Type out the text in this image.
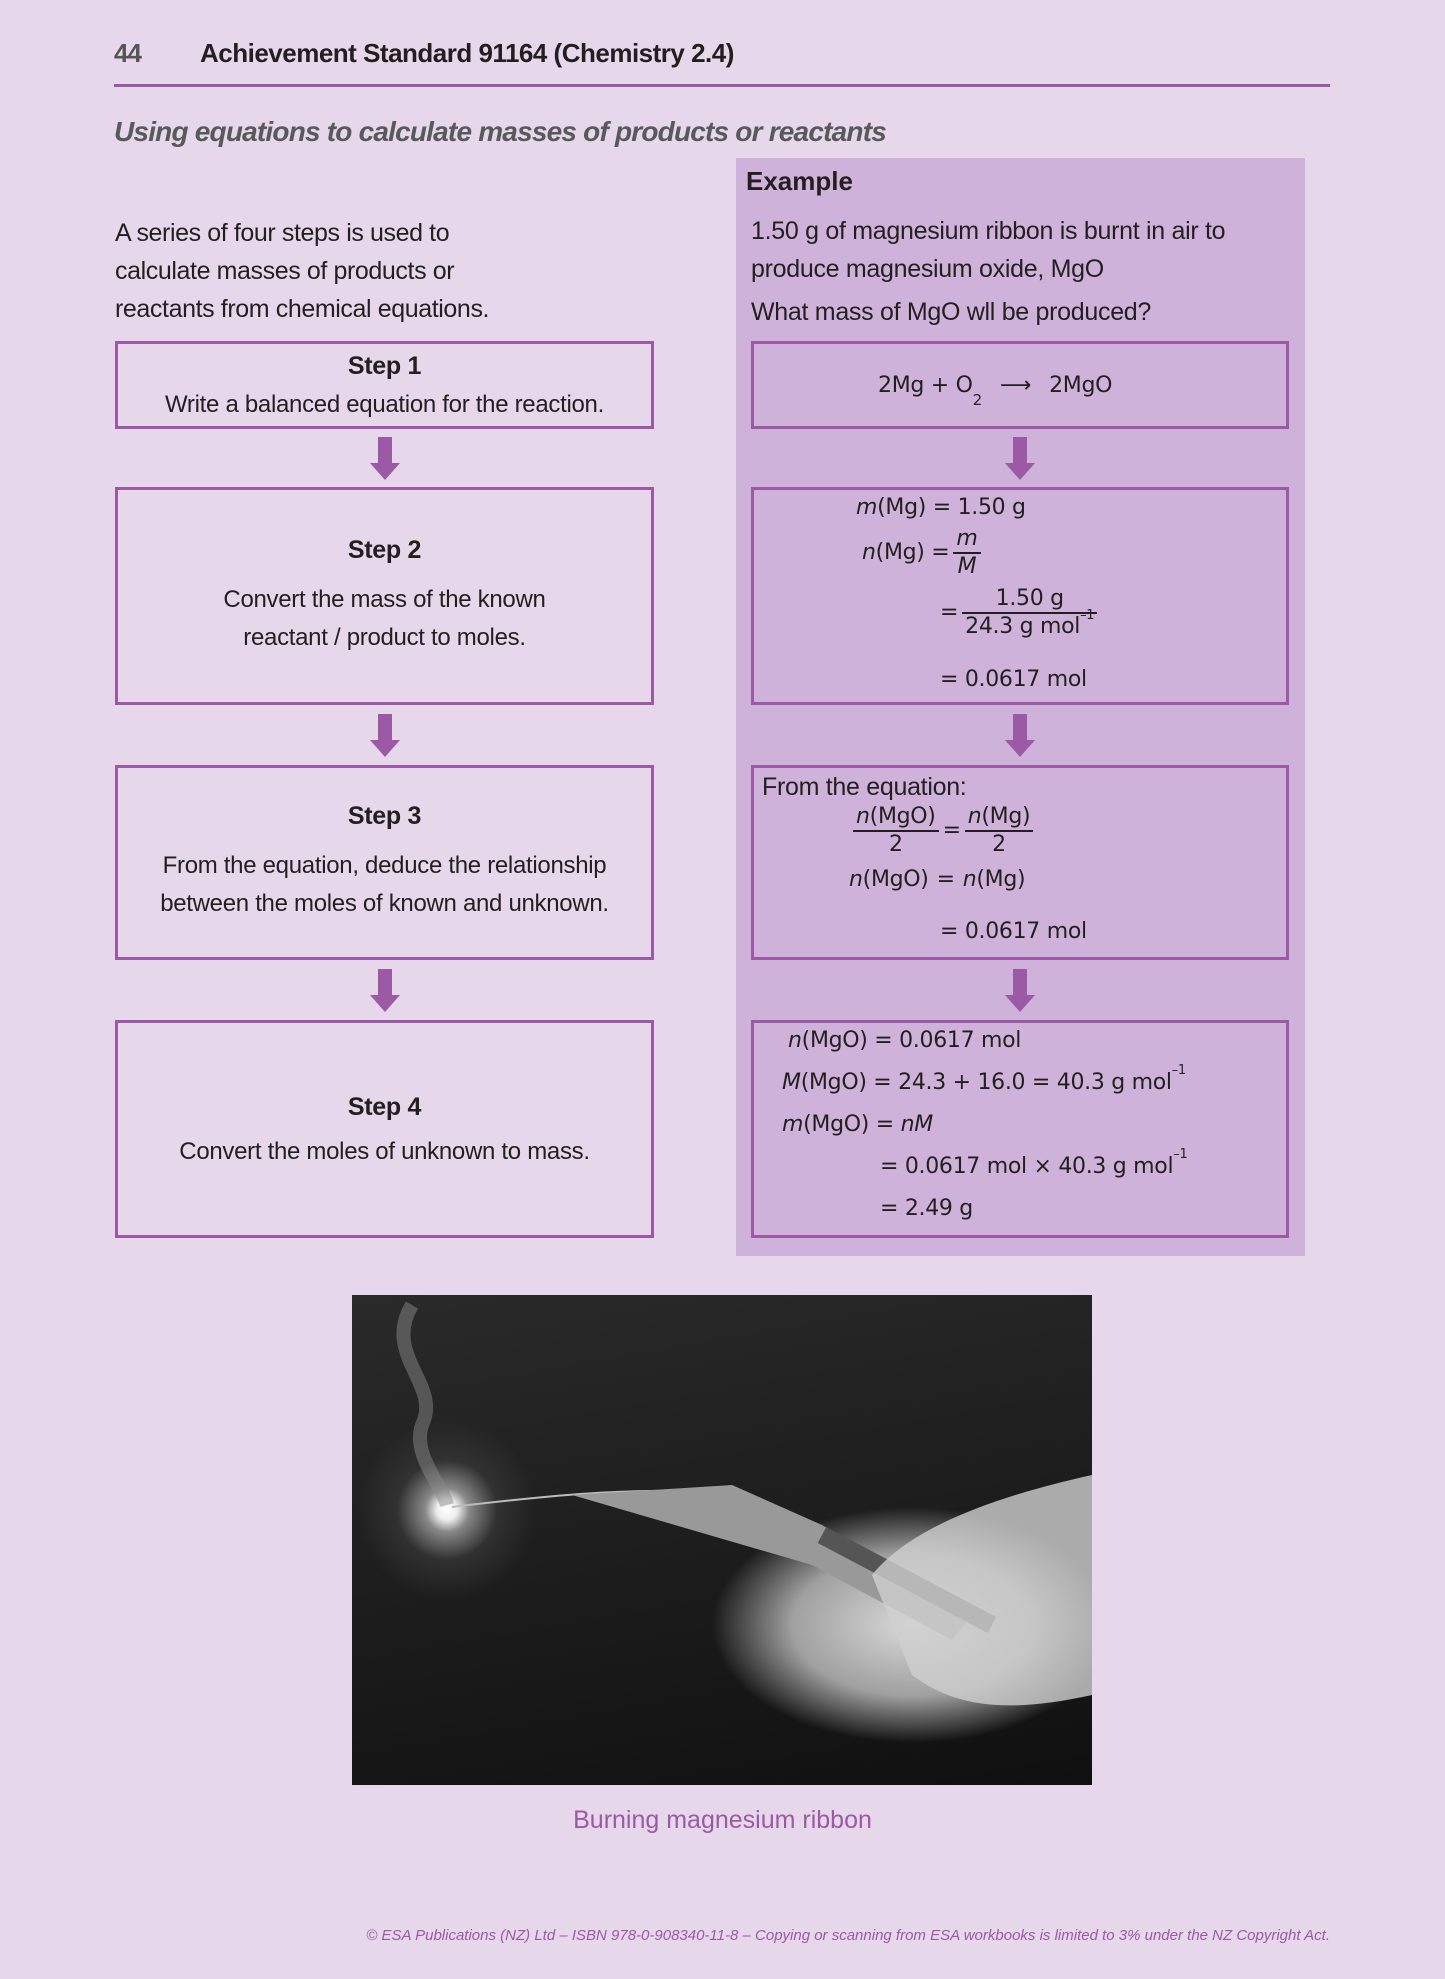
44 Achievement Standard 91164 (Chemistry 2.4)
Using equations to calculate masses of products or reactants
A series of four steps is used to calculate masses of products or reactants from chemical equations.
Example
1.50 g of magnesium ribbon is burnt in air to produce magnesium oxide, MgO
What mass of MgO wll be produced?
Step 1
Write a balanced equation for the reaction.
Step 2
Convert the mass of the known reactant / product to moles.
Step 3
From the equation, deduce the relationship between the moles of known and unknown.
Step 4
Convert the moles of unknown to mass.
2Mg + O
2
⟶ 2MgO
m (Mg) = 1.50 g
n $(Mg) = \frac{m}{M}$
= $\frac{1.50 g}{\text{24.3 g mol –1}}$
= 0.0617 mol
From the equation:
$\frac{\text{n(MgO)}}{2} = \frac{n(Mg)}{2}$
n (MgO) = n (Mg)
= 0.0617 mol
n (MgO) = 0.0617 mol
M (MgO) = 24.3 + 16.0 = 40.3 g mol –1
m (MgO) = nM
= 0.0617 mol × 40.3 g mol –1
= 2.49 g
Burning magnesium ribbon
© ESA Publications (NZ) Ltd – ISBN 978-0-908340-11-8 – Copying or scanning from ESA workbooks is limited to 3% under the NZ Copyright Act.
